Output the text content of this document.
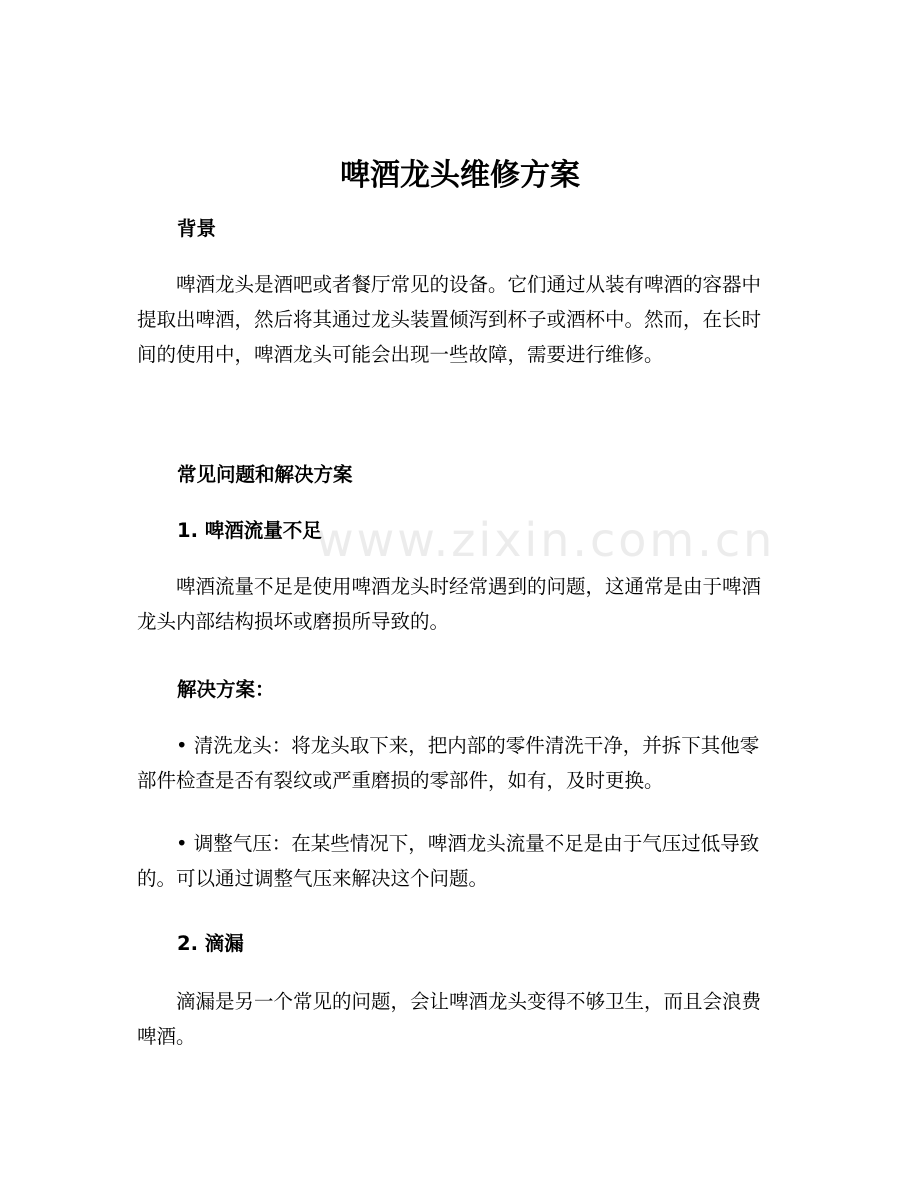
www.zixin.com.cn
啤酒龙头维修方案
背景
　　啤酒龙头是酒吧或者餐厅常见的设备。它们通过从装有啤酒的容器中提取出啤酒，然后将其通过龙头装置倾泻到杯子或酒杯中。然而，在长时间的使用中，啤酒龙头可能会出现一些故障，需要进行维修。
常见问题和解决方案
1. 啤酒流量不足
　　啤酒流量不足是使用啤酒龙头时经常遇到的问题，这通常是由于啤酒龙头内部结构损坏或磨损所导致的。
解决方案：
　　• 清洗龙头：将龙头取下来，把内部的零件清洗干净，并拆下其他零部件检查是否有裂纹或严重磨损的零部件，如有，及时更换。
　　• 调整气压：在某些情况下，啤酒龙头流量不足是由于气压过低导致的。可以通过调整气压来解决这个问题。
2. 滴漏
　　滴漏是另一个常见的问题，会让啤酒龙头变得不够卫生，而且会浪费啤酒。
